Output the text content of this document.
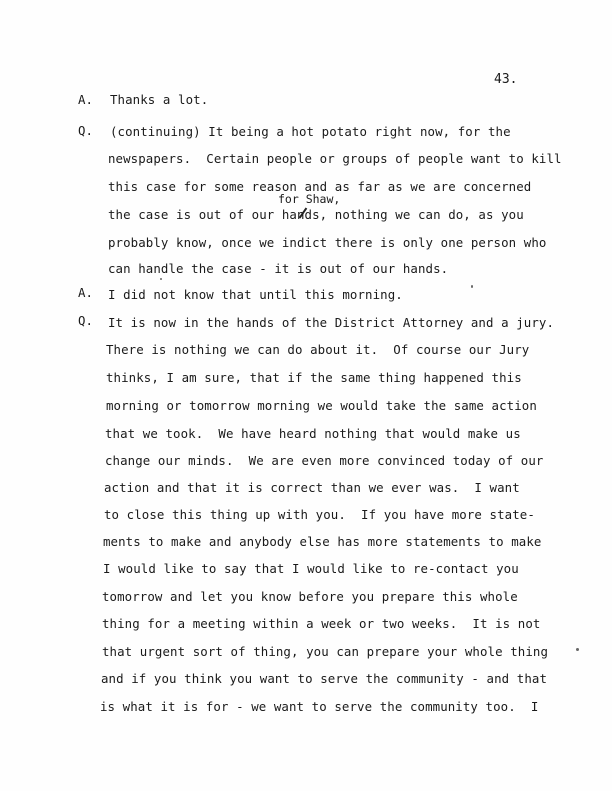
43.
A. Thanks a lot.
Q. (continuing) It being a hot potato right now, for the
newspapers.  Certain people or groups of people want to kill
this case for some reason and as far as we are concerned
for Shaw,
the case is out of our hands, nothing we can do, as you
probably know, once we indict there is only one person who
can handle the case - it is out of our hands.
A. I did not know that until this morning.
Q. It is now in the hands of the District Attorney and a jury.
There is nothing we can do about it.  Of course our Jury
thinks, I am sure, that if the same thing happened this
morning or tomorrow morning we would take the same action
that we took.  We have heard nothing that would make us
change our minds.  We are even more convinced today of our
action and that it is correct than we ever was.  I want
to close this thing up with you.  If you have more state-
ments to make and anybody else has more statements to make
I would like to say that I would like to re-contact you
tomorrow and let you know before you prepare this whole
thing for a meeting within a week or two weeks.  It is not
that urgent sort of thing, you can prepare your whole thing
and if you think you want to serve the community - and that
is what it is for - we want to serve the community too.  I
